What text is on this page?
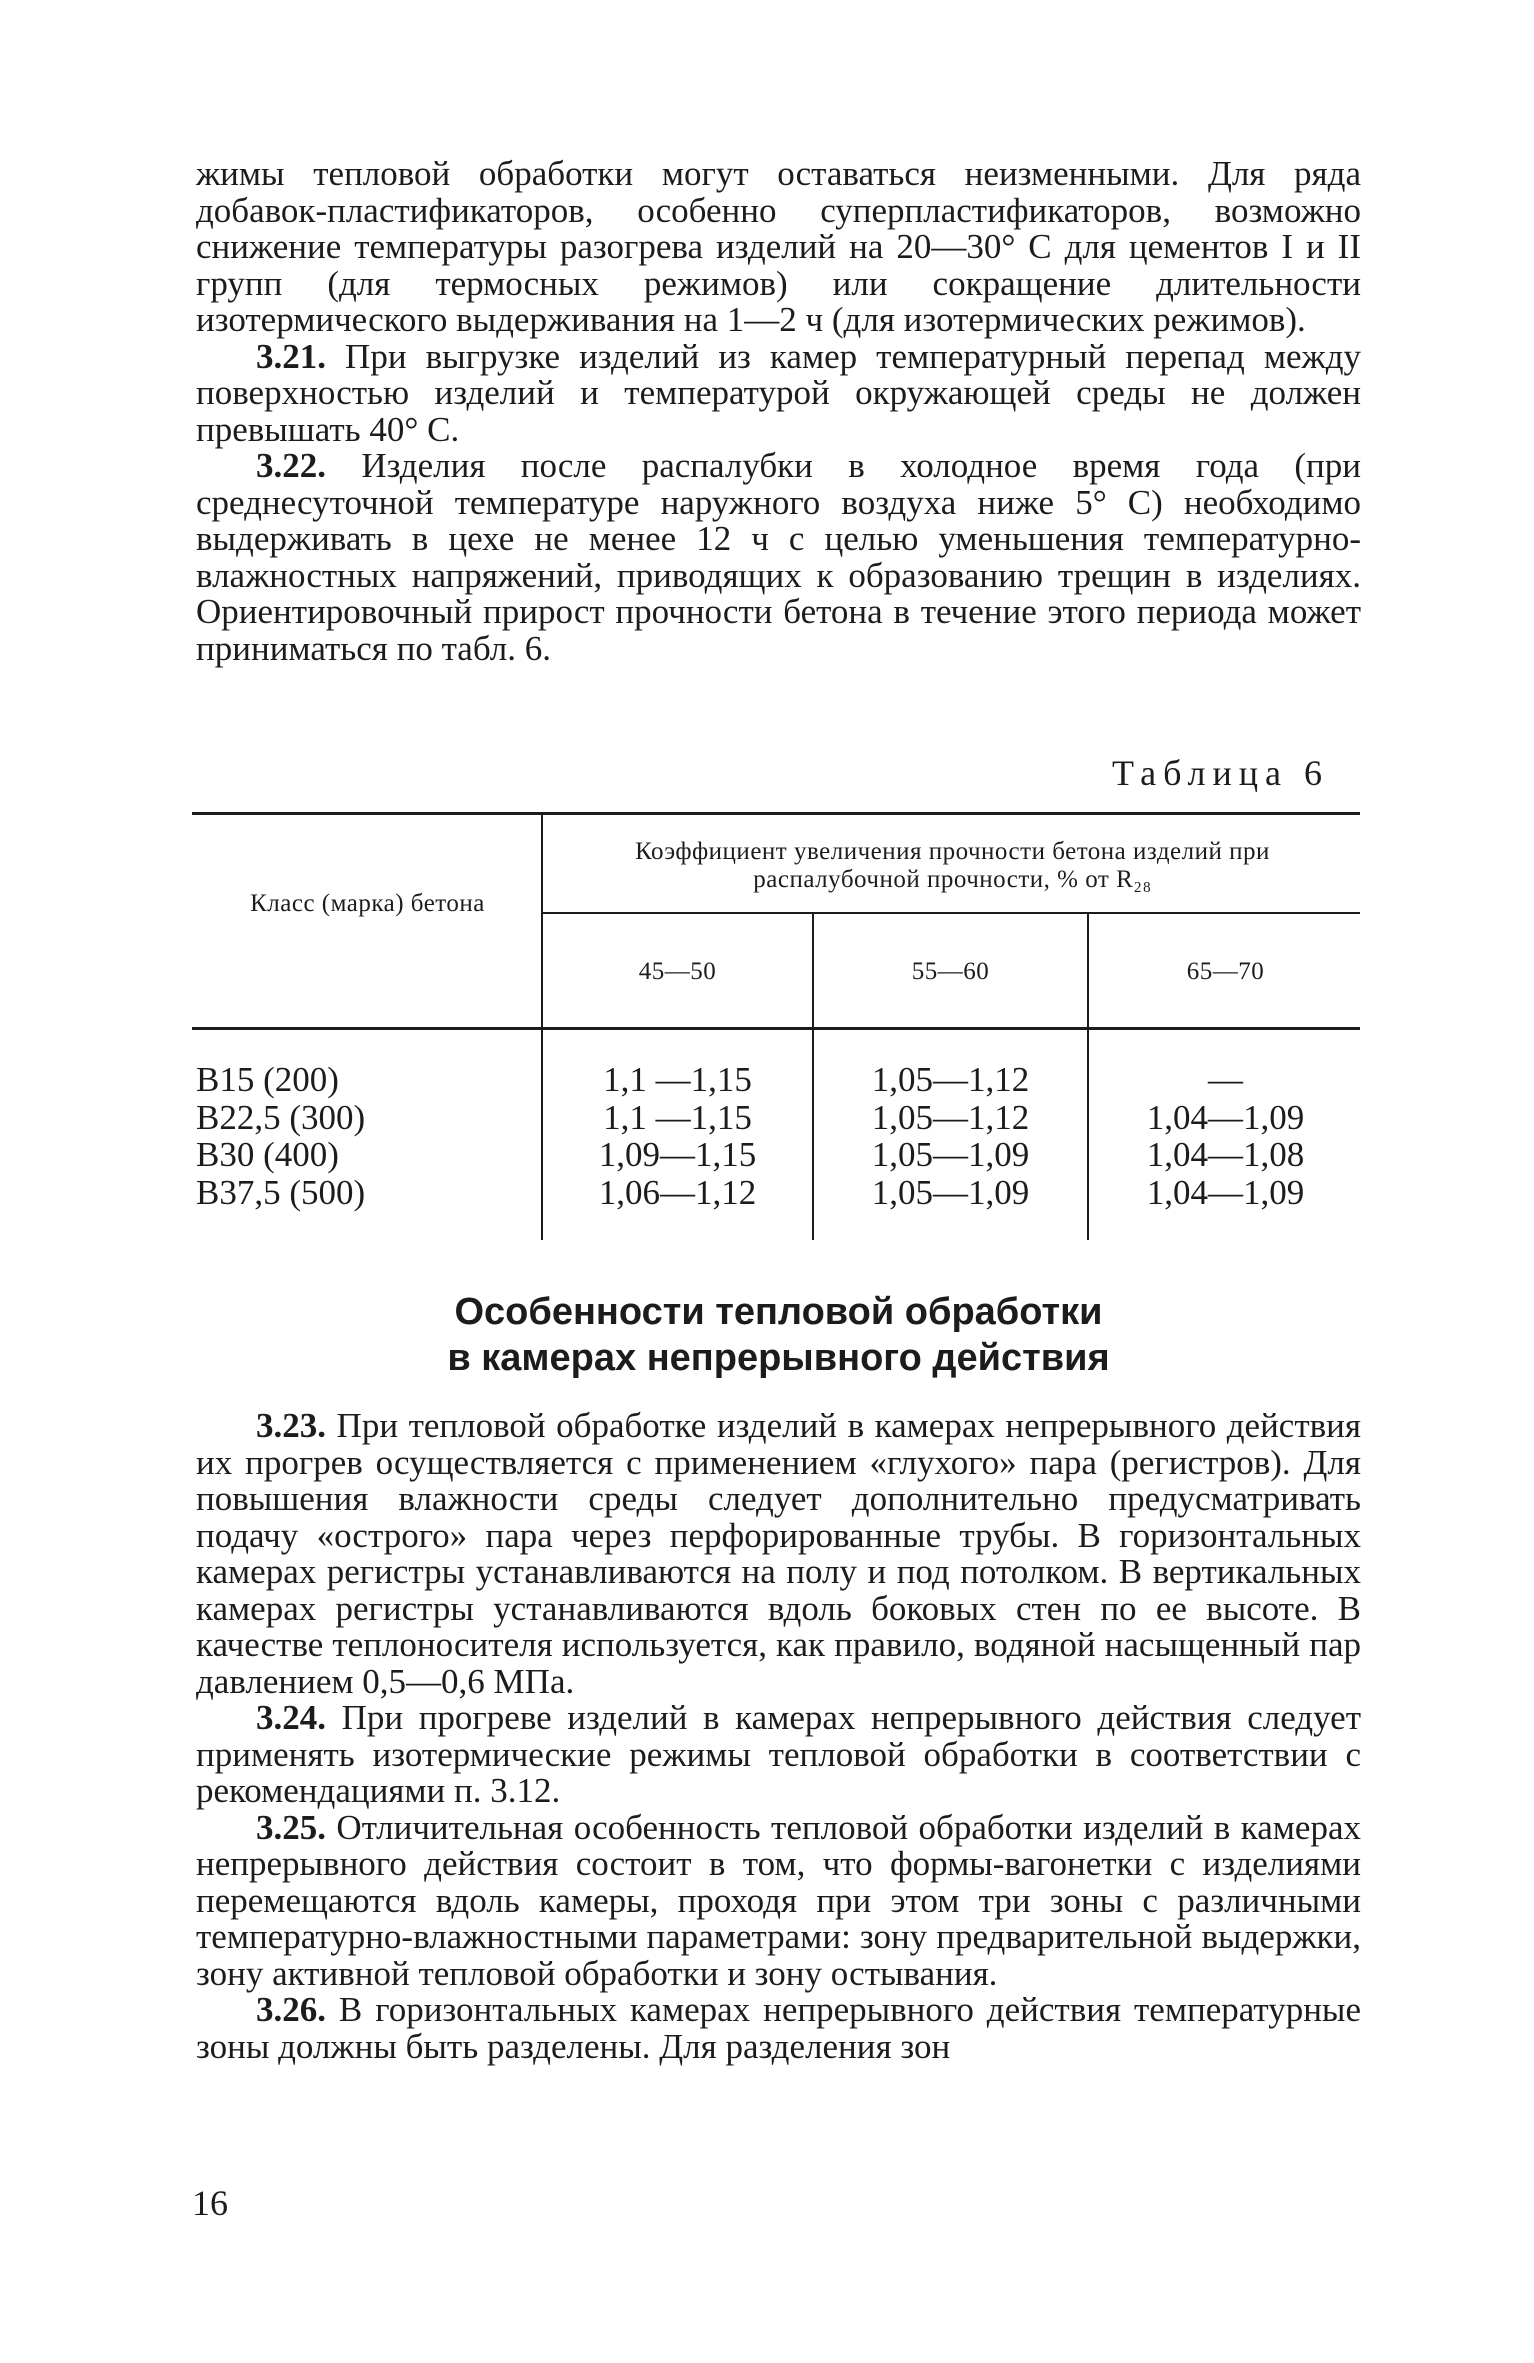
жимы тепловой обработки могут оставаться неизменными. Для ряда добавок-пластификаторов, особенно суперпластификаторов, возможно снижение температуры разогрева изделий на 20—30° С для цементов I и II групп (для термосных режимов) или сокращение длительности изотермического выдерживания на 1—2 ч (для изотермических режимов).

3.21. При выгрузке изделий из камер температурный перепад между поверхностью изделий и температурой окружающей среды не должен превышать 40° С.

3.22. Изделия после распалубки в холодное время года (при среднесуточной температуре наружного воздуха ниже 5° С) необходимо выдерживать в цехе не менее 12 ч с целью уменьшения температурно-влажностных напряжений, приводящих к образованию трещин в изделиях. Ориентировочный прирост прочности бетона в течение этого периода может приниматься по табл. 6.

Таблица 6

Класс (марка) бетона

Коэффициент увеличения прочности бетона изделий при распалубочной прочности, % от R₂₈

45—50	55—60	65—70

B15 (200)
B22,5 (300)
B30 (400)
B37,5 (500)
1,1 —1,15
1,1 —1,15
1,09—1,15
1,06—1,12
1,05—1,12
1,05—1,12
1,05—1,09
1,05—1,09
—
1,04—1,09
1,04—1,08
1,04—1,09
Особенности тепловой обработки
в камерах непрерывного действия

3.23. При тепловой обработке изделий в камерах непрерывного действия их прогрев осуществляется с применением «глухого» пара (регистров). Для повышения влажности среды следует дополнительно предусматривать подачу «острого» пара через перфорированные трубы. В горизонтальных камерах регистры устанавливаются на полу и под потолком. В вертикальных камерах регистры устанавливаются вдоль боковых стен по ее высоте. В качестве теплоносителя используется, как правило, водяной насыщенный пар давлением 0,5—0,6 МПа.

3.24. При прогреве изделий в камерах непрерывного действия следует применять изотермические режимы тепловой обработки в соответствии с рекомендациями п. 3.12.

3.25. Отличительная особенность тепловой обработки изделий в камерах непрерывного действия состоит в том, что формы-вагонетки с изделиями перемещаются вдоль камеры, проходя при этом три зоны с различными температурно-влажностными параметрами: зону предварительной выдержки, зону активной тепловой обработки и зону остывания.

3.26. В горизонтальных камерах непрерывного действия температурные зоны должны быть разделены. Для разделения зон

16
